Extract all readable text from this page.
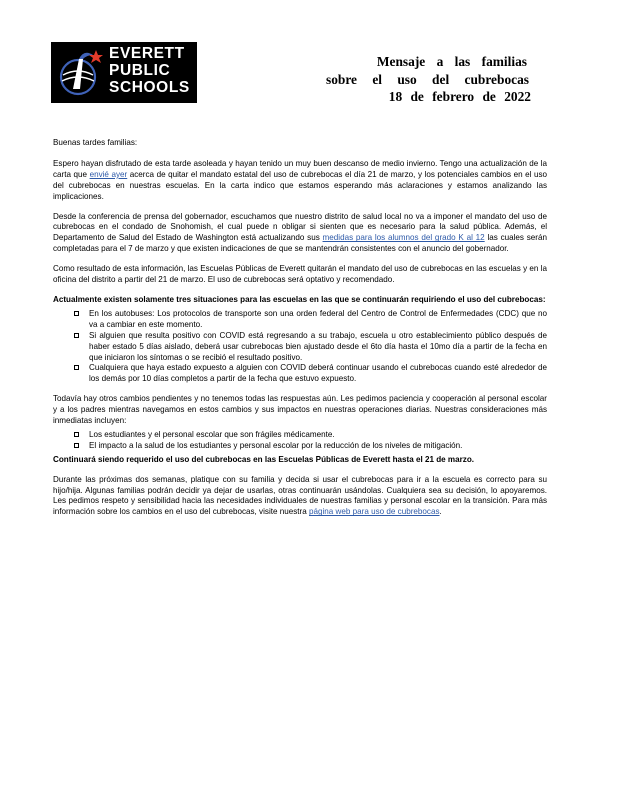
EVERETT
PUBLIC
SCHOOLS
Mensaje a las familias
sobre el uso del cubrebocas
18 de febrero de 2022

Buenas tardes familias:

Espero hayan disfrutado de esta tarde asoleada y hayan tenido un muy buen descanso de medio invierno. Tengo una actualización de la carta que envié ayer acerca de quitar el mandato estatal del uso de cubrebocas el día 21 de marzo, y los potenciales cambios en el uso del cubrebocas en nuestras escuelas. En la carta indico que estamos esperando más aclaraciones y estamos analizando las implicaciones.

Desde la conferencia de prensa del gobernador, escuchamos que nuestro distrito de salud local no va a imponer el mandato del uso de cubrebocas en el condado de Snohomish, el cual puede n obligar si sienten que es necesario para la salud pública. Además, el Departamento de Salud del Estado de Washington está actualizando sus medidas para los alumnos del grado K al 12 las cuales serán completadas para el 7 de marzo y que existen indicaciones de que se mantendrán consistentes con el anuncio del gobernador.

Como resultado de esta información, las Escuelas Públicas de Everett quitarán el mandato del uso de cubrebocas en las escuelas y en la oficina del distrito a partir del 21 de marzo. El uso de cubrebocas será optativo y recomendado.

Actualmente existen solamente tres situaciones para las escuelas en las que se continuarán requiriendo el uso del cubrebocas:

En los autobuses: Los protocolos de transporte son una orden federal del Centro de Control de Enfermedades (CDC) que no va a cambiar en este momento.
Si alguien que resulta positivo con COVID está regresando a su trabajo, escuela u otro establecimiento público después de haber estado 5 días aislado, deberá usar cubrebocas bien ajustado desde el 6to día hasta el 10mo día a partir de la fecha en que iniciaron los síntomas o se recibió el resultado positivo.
Cualquiera que haya estado expuesto a alguien con COVID deberá continuar usando el cubrebocas cuando esté alrededor de los demás por 10 días completos a partir de la fecha que estuvo expuesto.

Todavía hay otros cambios pendientes y no tenemos todas las respuestas aún. Les pedimos paciencia y cooperación al personal escolar y a los padres mientras navegamos en estos cambios y sus impactos en nuestras operaciones diarias. Nuestras consideraciones más inmediatas incluyen:

Los estudiantes y el personal escolar que son frágiles médicamente.
El impacto a la salud de los estudiantes y personal escolar por la reducción de los niveles de mitigación.

Continuará siendo requerido el uso del cubrebocas en las Escuelas Públicas de Everett hasta el 21 de marzo.

Durante las próximas dos semanas, platique con su familia y decida si usar el cubrebocas para ir a la escuela es correcto para su hijo/hija. Algunas familias podrán decidir ya dejar de usarlas, otras continuarán usándolas. Cualquiera sea su decisión, lo apoyaremos. Les pedimos respeto y sensibilidad hacia las necesidades individuales de nuestras familias y personal escolar en la transición. Para más información sobre los cambios en el uso del cubrebocas, visite nuestra página web para uso de cubrebocas.
